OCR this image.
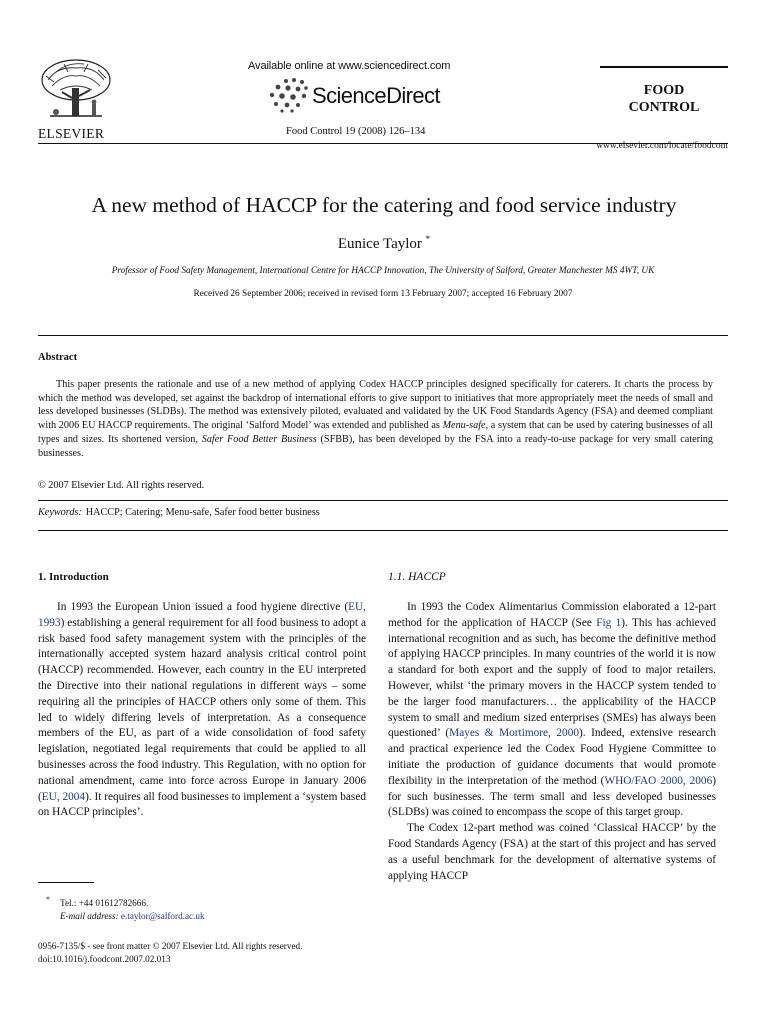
ELSEVIER
Available online at www.sciencedirect.com
ScienceDirect
Food Control 19 (2008) 126–134
FOOD
CONTROL
www.elsevier.com/locate/foodcont
A new method of HACCP for the catering and food service industry
Eunice Taylor *
Professor of Food Safety Management, International Centre for HACCP Innovation, The University of Salford, Greater Manchester MS 4WT, UK
Received 26 September 2006; received in revised form 13 February 2007; accepted 16 February 2007
Abstract

This paper presents the rationale and use of a new method of applying Codex HACCP principles designed specifically for caterers. It charts the process by which the method was developed, set against the backdrop of international efforts to give support to initiatives that more appropriately meet the needs of small and less developed businesses (SLDBs). The method was extensively piloted, evaluated and validated by the UK Food Standards Agency (FSA) and deemed compliant with 2006 EU HACCP requirements. The original ‘Salford Model’ was extended and published as Menu-safe, a system that can be used by catering businesses of all types and sizes. Its shortened version, Safer Food Better Business (SFBB), has been developed by the FSA into a ready-to-use package for very small catering businesses.

© 2007 Elsevier Ltd. All rights reserved.
Keywords: HACCP; Catering; Menu-safe, Safer food better business
1. Introduction

In 1993 the European Union issued a food hygiene directive (EU, 1993) establishing a general requirement for all food business to adopt a risk based food safety management system with the principles of the internationally accepted system hazard analysis critical control point (HACCP) recommended. However, each country in the EU interpreted the Directive into their national regulations in different ways – some requiring all the principles of HACCP others only some of them. This led to widely differing levels of interpretation. As a consequence members of the EU, as part of a wide consolidation of food safety legislation, negotiated legal requirements that could be applied to all businesses across the food industry. This Regulation, with no option for national amendment, came into force across Europe in January 2006 (EU, 2004). It requires all food businesses to implement a ‘system based on HACCP principles’.

*	Tel.: +44 01612782666.
E-mail address: e.taylor@salford.ac.uk
0956-7135/$ - see front matter © 2007 Elsevier Ltd. All rights reserved.
doi:10.1016/j.foodcont.2007.02.013
1.1. HACCP

In 1993 the Codex Alimentarius Commission elaborated a 12-part method for the application of HACCP (See Fig 1). This has achieved international recognition and as such, has become the definitive method of applying HACCP principles. In many countries of the world it is now a standard for both export and the supply of food to major retailers. However, whilst ‘the primary movers in the HACCP system tended to be the larger food manufacturers… the applicability of the HACCP system to small and medium sized enterprises (SMEs) has always been questioned’ (Mayes & Mortimore, 2000). Indeed, extensive research and practical experience led the Codex Food Hygiene Committee to initiate the production of guidance documents that would promote flexibility in the interpretation of the method (WHO/FAO 2000, 2006) for such businesses. The term small and less developed businesses (SLDBs) was coined to encompass the scope of this target group.

The Codex 12-part method was coined ‘Classical HACCP’ by the Food Standards Agency (FSA) at the start of this project and has served as a useful benchmark for the development of alternative systems of applying HACCP
